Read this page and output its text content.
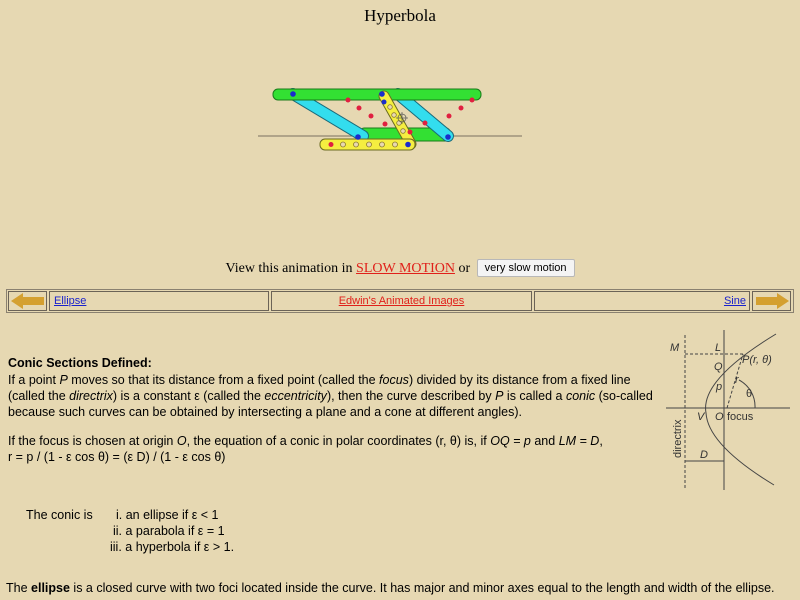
Hyperbola
View this animation in SLOW MOTION or very slow motion
Ellipse	Edwin's Animated Images	Sine
Conic Sections Defined:
If a point P moves so that its distance from a fixed point (called the focus) divided by its distance from a fixed line (called the directrix) is a constant ε (called the eccentricity), then the curve described by P is called a conic (so-called because such curves can be obtained by intersecting a plane and a cone at different angles).
If the focus is chosen at origin O, the equation of a conic in polar coordinates (r, θ) is, if OQ = p and LM = D,
r = p / (1 - ε cos θ) = (ε D) / (1 - ε cos θ)
The conic is	i. an ellipse if ε < 1
ii. a parabola if ε = 1
iii. a hyperbola if ε > 1.
The ellipse is a closed curve with two foci located inside the curve. It has major and minor axes equal to the length and width of the ellipse.
M	L
Q
P(r, θ)
p
r
θ
V O focus
directrix D
